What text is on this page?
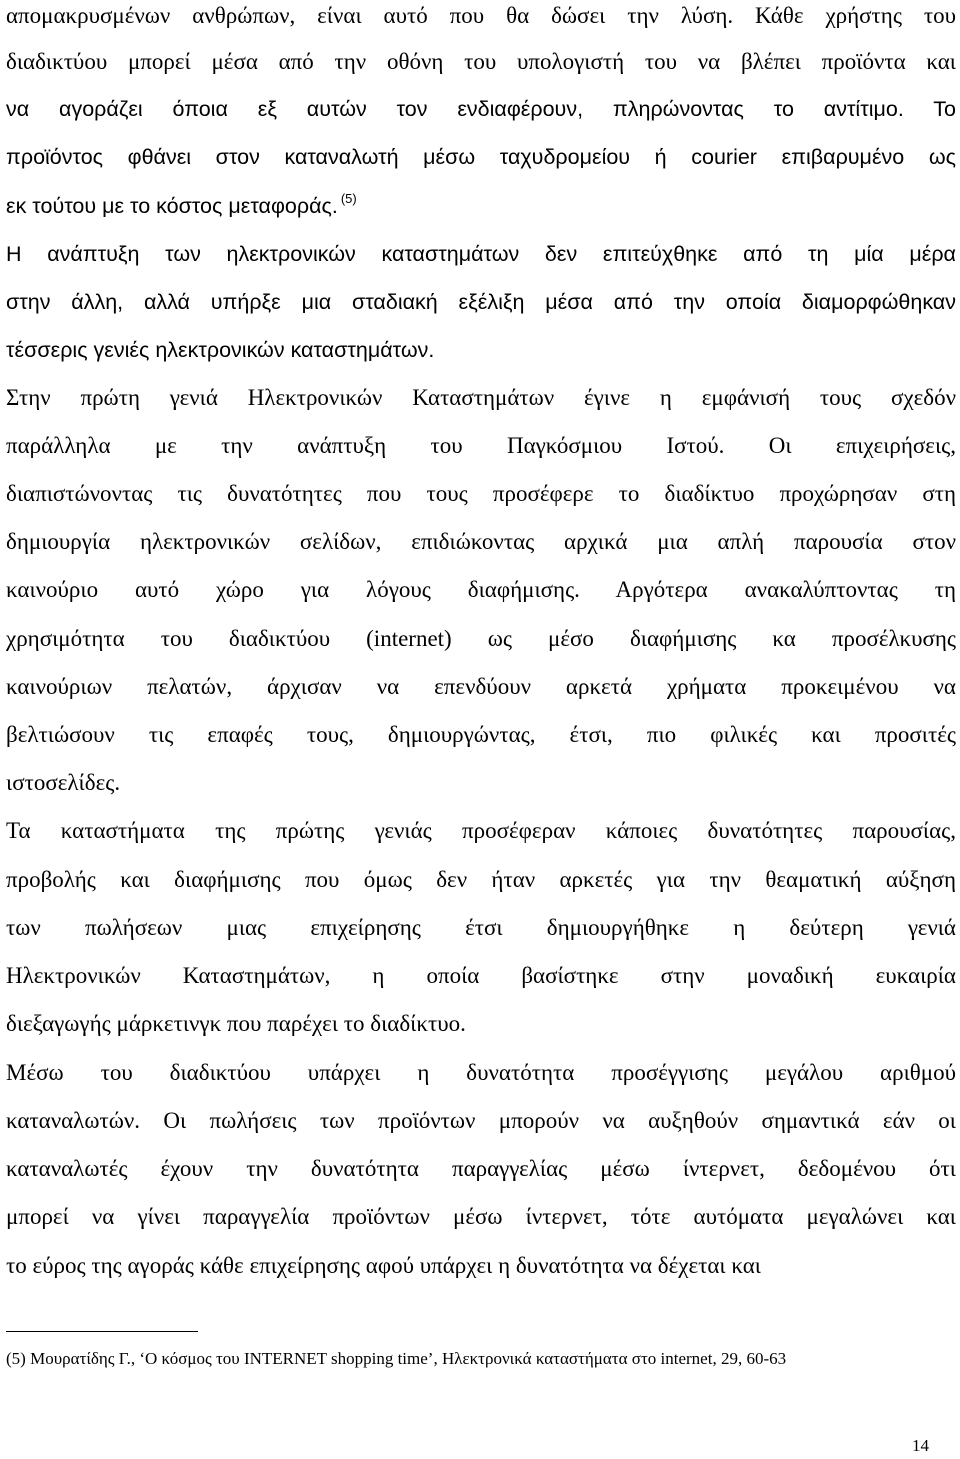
απομακρυσμένων ανθρώπων, είναι αυτό που θα δώσει την λύση. Κάθε χρήστης του

διαδικτύου μπορεί μέσα από την οθόνη του υπολογιστή του να βλέπει προϊόντα και

να αγοράζει όποια εξ αυτών τον ενδιαφέρουν, πληρώνοντας το αντίτιμο. Το

προϊόντος φθάνει στον καταναλωτή μέσω ταχυδρομείου ή courier επιβαρυμένο ως

εκ τούτου με το κόστος μεταφοράς. $^{(5)}$

Η ανάπτυξη των ηλεκτρονικών καταστημάτων δεν επιτεύχθηκε από τη μία μέρα

στην άλλη, αλλά υπήρξε μια σταδιακή εξέλιξη μέσα από την οποία διαμορφώθηκαν

τέσσερις γενιές ηλεκτρονικών καταστημάτων.

Στην πρώτη γενιά Ηλεκτρονικών Καταστημάτων έγινε η εμφάνισή τους σχεδόν

παράλληλα με την ανάπτυξη του Παγκόσμιου Ιστού. Οι επιχειρήσεις,

διαπιστώνοντας τις δυνατότητες που τους προσέφερε το διαδίκτυο προχώρησαν στη

δημιουργία ηλεκτρονικών σελίδων, επιδιώκοντας αρχικά μια απλή παρουσία στον

καινούριο αυτό χώρο για λόγους διαφήμισης. Αργότερα ανακαλύπτοντας τη

χρησιμότητα του διαδικτύου (internet) ως μέσο διαφήμισης κα προσέλκυσης

καινούριων πελατών, άρχισαν να επενδύουν αρκετά χρήματα προκειμένου να

βελτιώσουν τις επαφές τους, δημιουργώντας, έτσι, πιο φιλικές και προσιτές

ιστοσελίδες.

Τα καταστήματα της πρώτης γενιάς προσέφεραν κάποιες δυνατότητες παρουσίας,

προβολής και διαφήμισης που όμως δεν ήταν αρκετές για την θεαματική αύξηση

των πωλήσεων μιας επιχείρησης έτσι δημιουργήθηκε η δεύτερη γενιά

Ηλεκτρονικών Καταστημάτων, η οποία βασίστηκε στην μοναδική ευκαιρία

διεξαγωγής μάρκετινγκ που παρέχει το διαδίκτυο.

Μέσω του διαδικτύου υπάρχει η δυνατότητα προσέγγισης μεγάλου αριθμού

καταναλωτών. Οι πωλήσεις των προϊόντων μπορούν να αυξηθούν σημαντικά εάν οι

καταναλωτές έχουν την δυνατότητα παραγγελίας μέσω ίντερνετ, δεδομένου ότι

μπορεί να γίνει παραγγελία προϊόντων μέσω ίντερνετ, τότε αυτόματα μεγαλώνει και

το εύρος της αγοράς κάθε επιχείρησης αφού υπάρχει η δυνατότητα να δέχεται και

(5) Μουρατίδης Γ., ‘Ο κόσμος του INTERNET shopping time’, Ηλεκτρονικά καταστήματα στο internet, 29, 60-63

14
